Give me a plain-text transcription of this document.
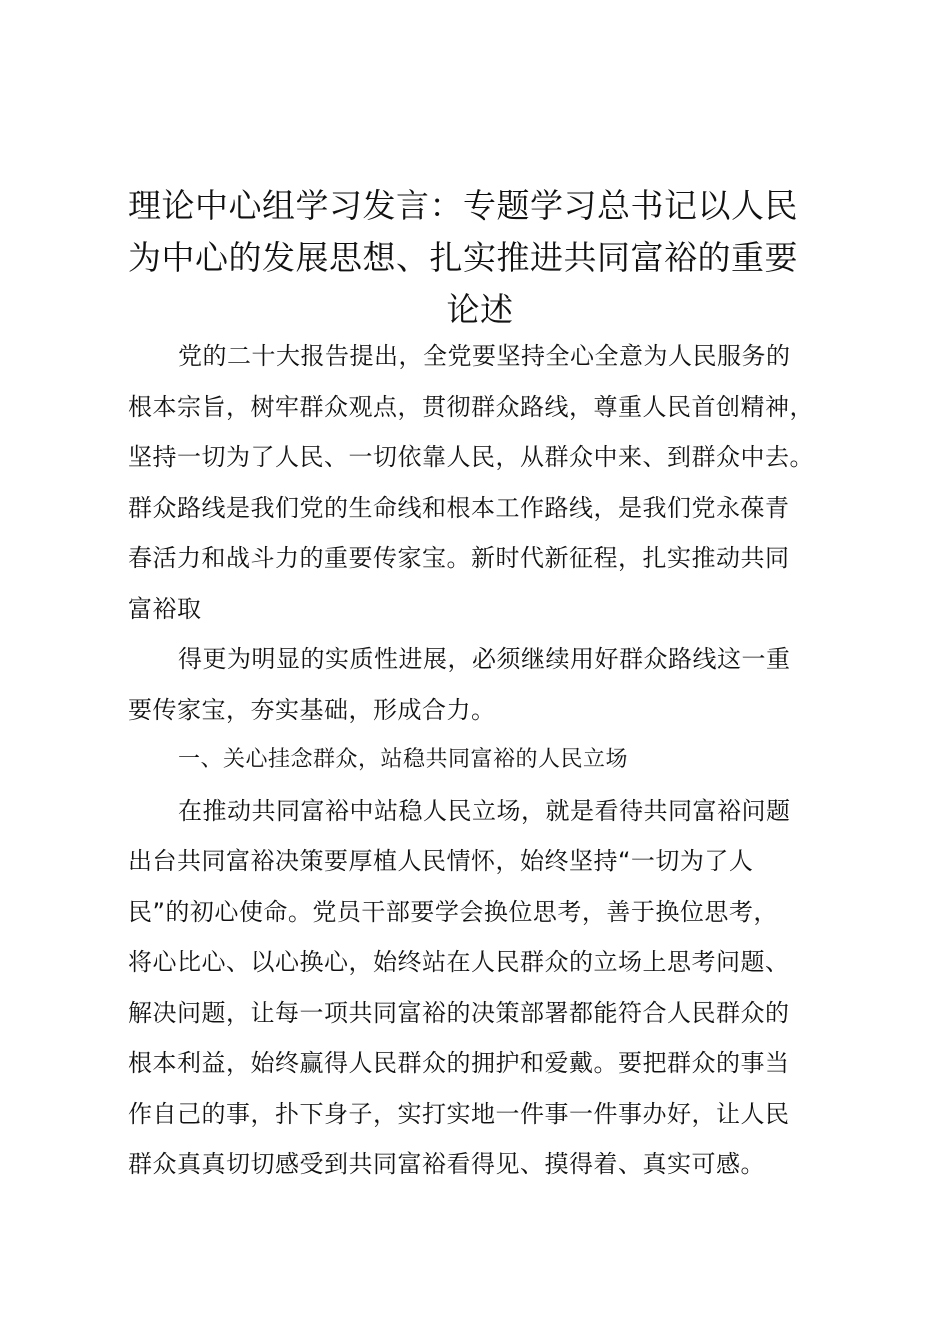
理论中心组学习发言：专题学习总书记以人民
为中心的发展思想、扎实推进共同富裕的重要
论述

党的二十大报告提出，全党要坚持全心全意为人民服务的
根本宗旨，树牢群众观点，贯彻群众路线，尊重人民首创精神，
坚持一切为了人民、一切依靠人民，从群众中来、到群众中去。
群众路线是我们党的生命线和根本工作路线，是我们党永葆青
春活力和战斗力的重要传家宝。新时代新征程，扎实推动共同
富裕取

得更为明显的实质性进展，必须继续用好群众路线这一重
要传家宝，夯实基础，形成合力。

一、关心挂念群众，站稳共同富裕的人民立场

在推动共同富裕中站稳人民立场，就是看待共同富裕问题
出台共同富裕决策要厚植人民情怀，始终坚持“一切为了人
民”的初心使命。党员干部要学会换位思考，善于换位思考，
将心比心、以心换心，始终站在人民群众的立场上思考问题、
解决问题，让每一项共同富裕的决策部署都能符合人民群众的
根本利益，始终赢得人民群众的拥护和爱戴。要把群众的事当
作自己的事，扑下身子，实打实地一件事一件事办好，让人民
群众真真切切感受到共同富裕看得见、摸得着、真实可感。
